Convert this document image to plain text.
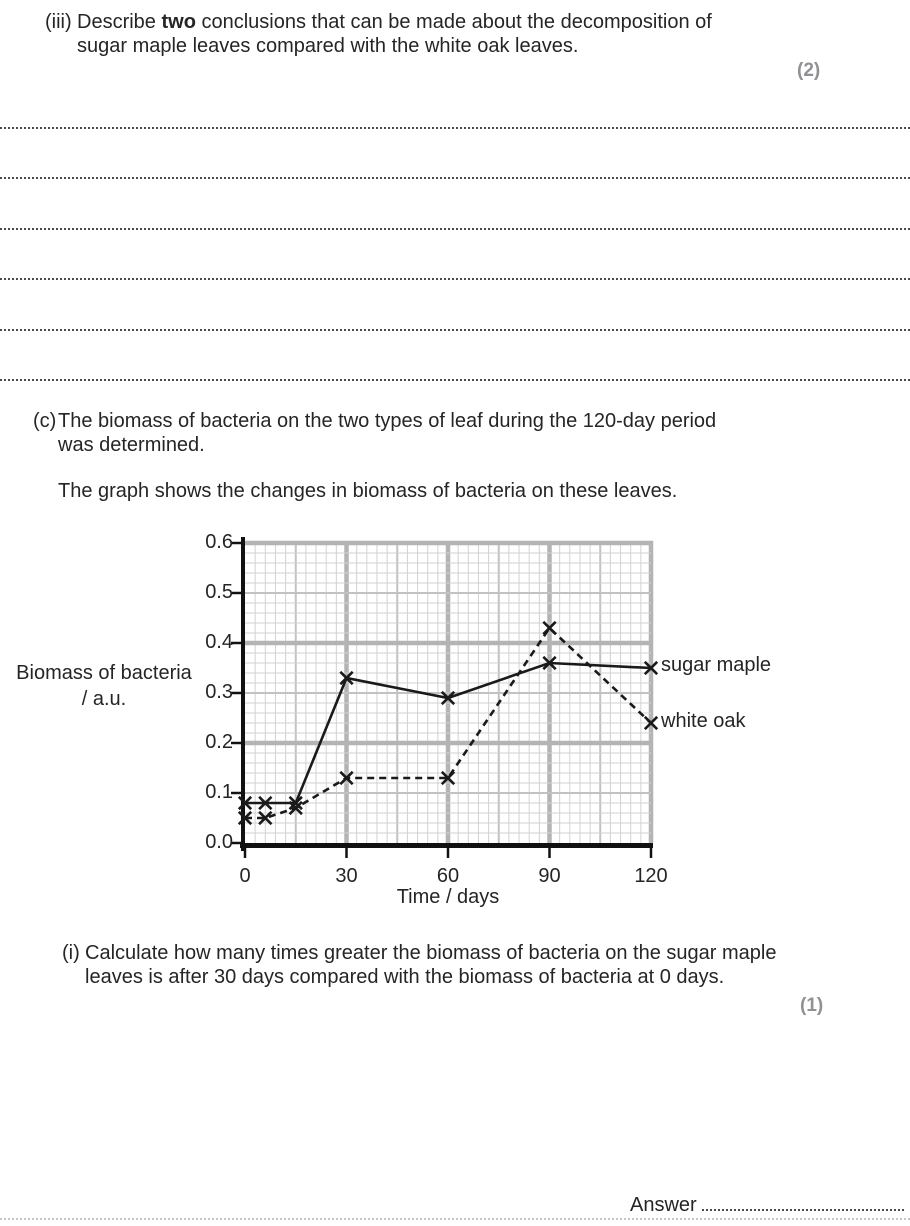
(iii) Describe two conclusions that can be made about the decomposition of
sugar maple leaves compared with the white oak leaves.
(2)
(c) The biomass of bacteria on the two types of leaf during the 120-day period
was determined.
The graph shows the changes in biomass of bacteria on these leaves.
Biomass of bacteria
/ a.u.
0.0
0.1
0.2
0.3
0.4
0.5
0.6
0	30	60	90	120
Time / days
sugar maple
white oak
(i) Calculate how many times greater the biomass of bacteria on the sugar maple
leaves is after 30 days compared with the biomass of bacteria at 0 days.
(1)
Answer
